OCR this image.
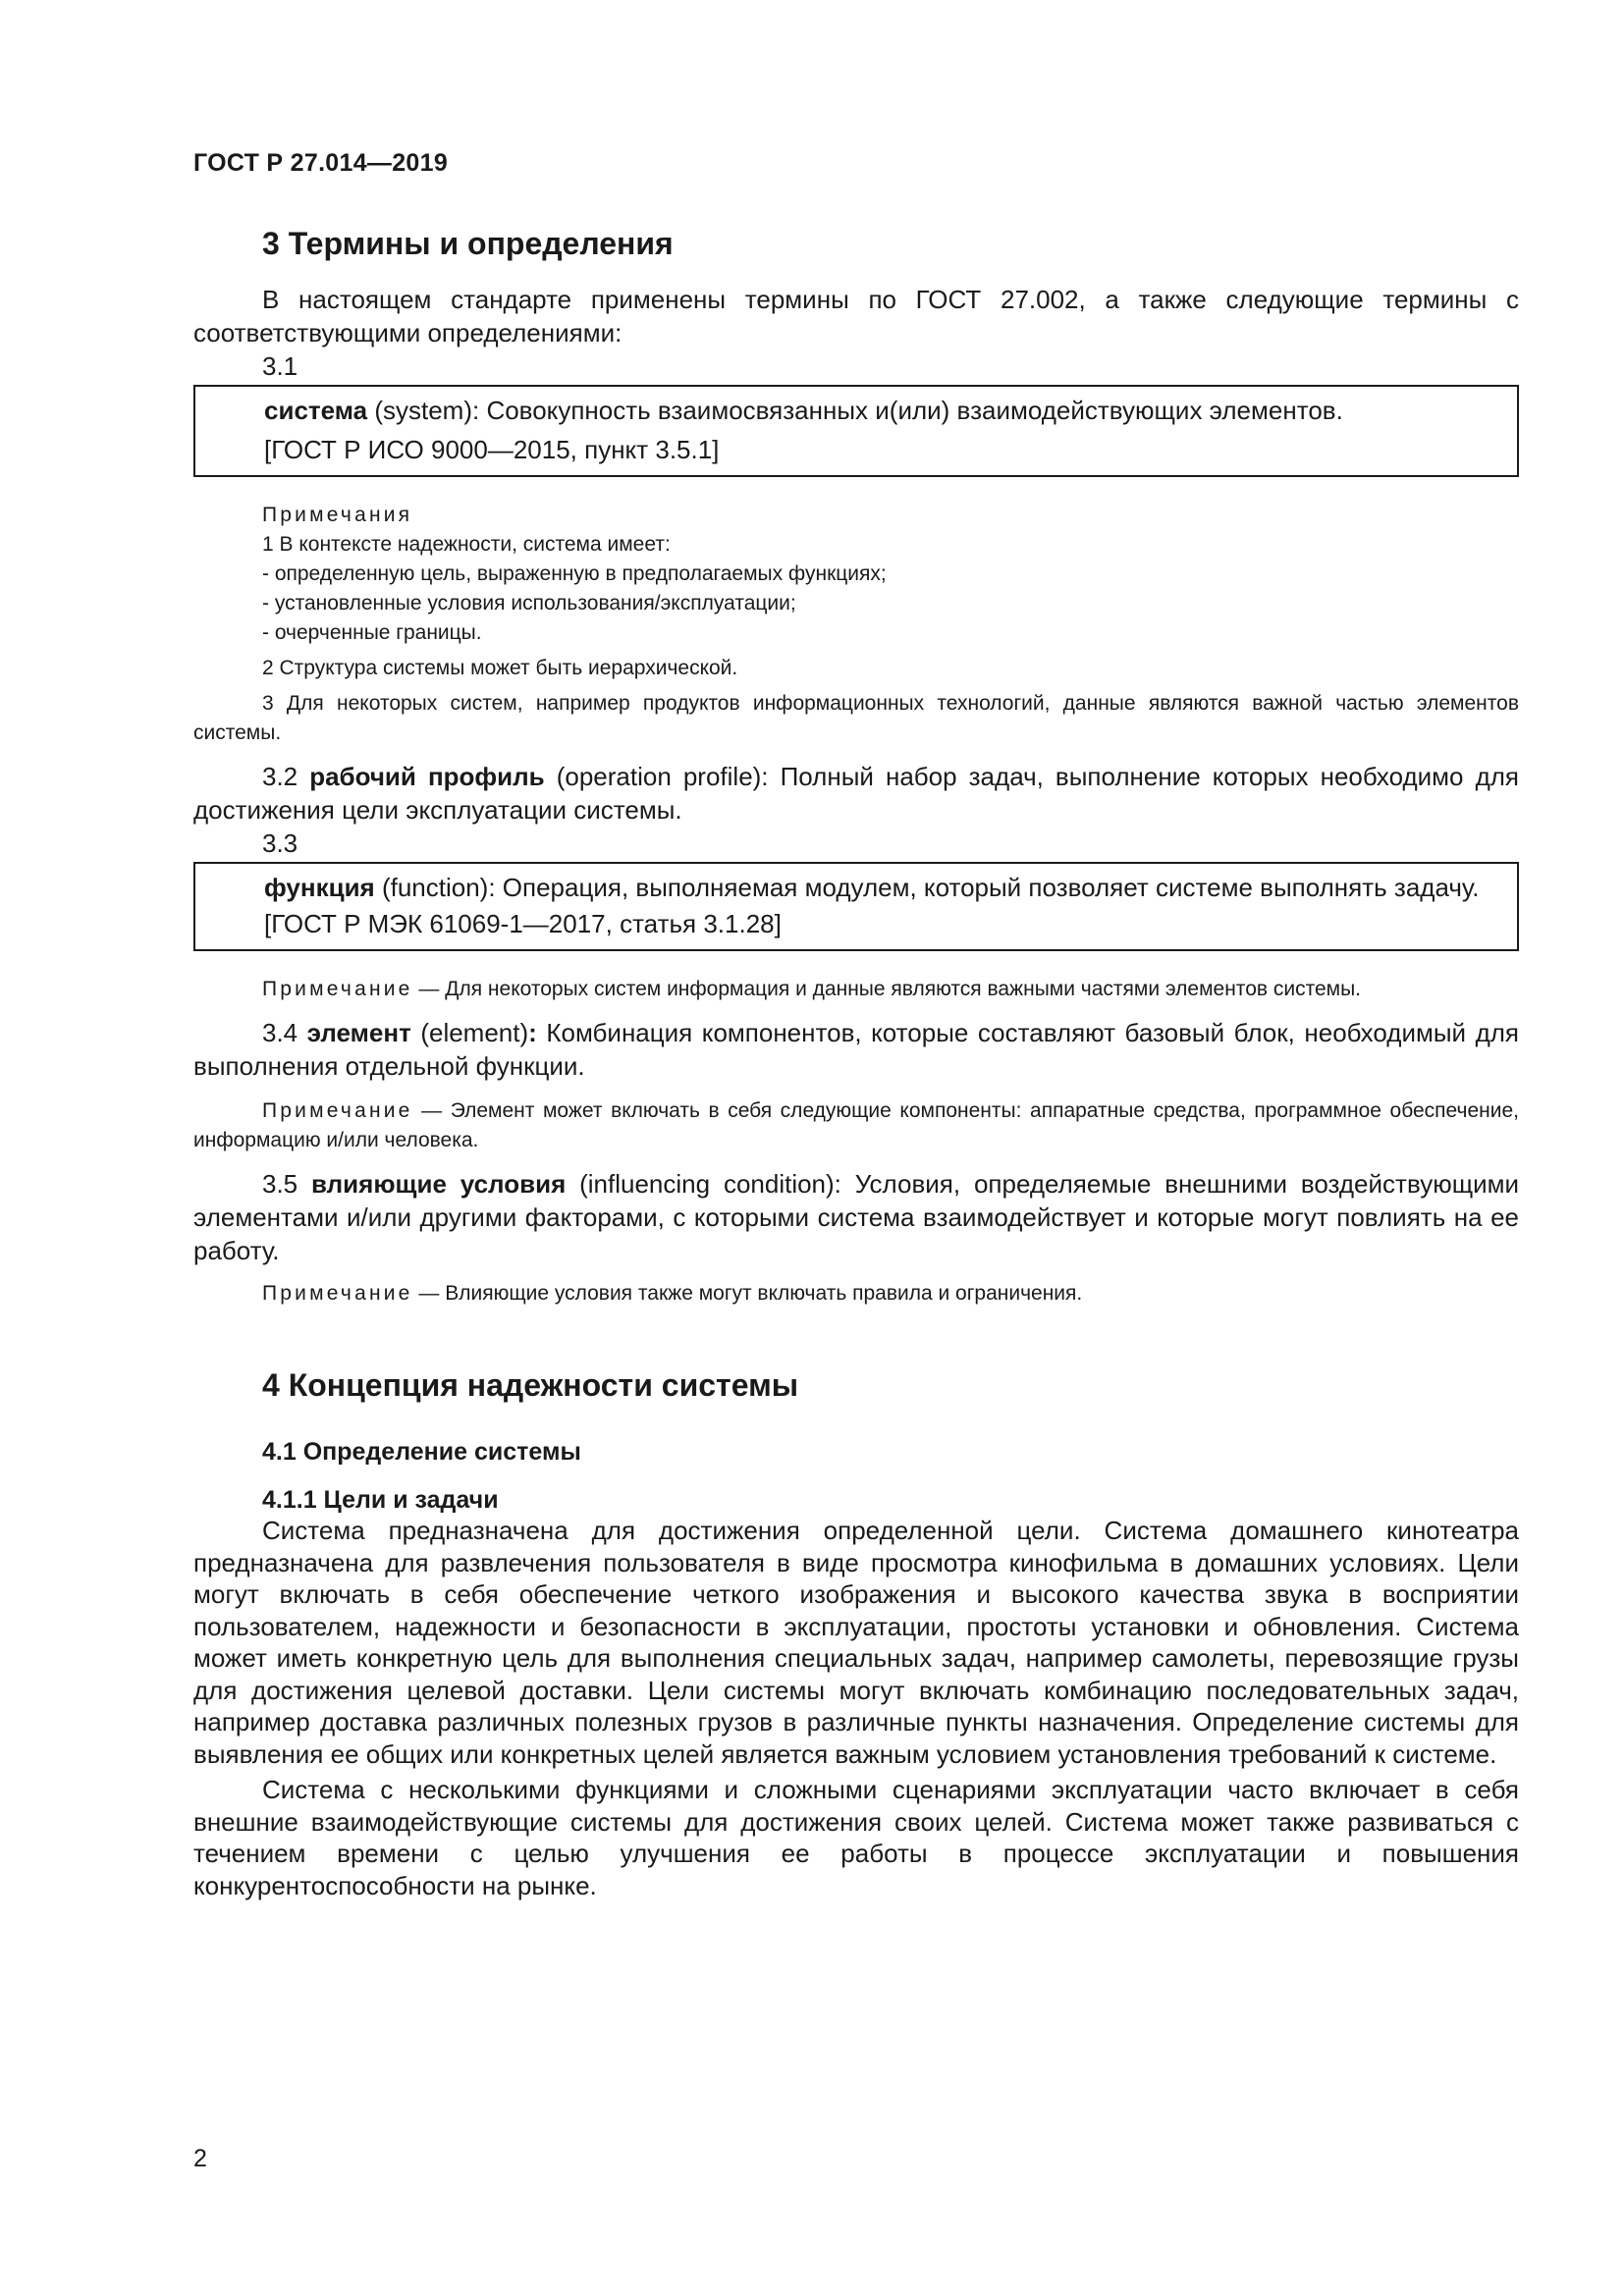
ГОСТ Р 27.014—2019
3 Термины и определения

В настоящем стандарте применены термины по ГОСТ 27.002, а также следующие термины с соответствующими определениями:

3.1

система (system): Совокупность взаимосвязанных и(или) взаимодействующих элементов.

[ГОСТ Р ИСО 9000—2015, пункт 3.5.1]

Примечания

1 В контексте надежности, система имеет:

- определенную цель, выраженную в предполагаемых функциях;

- установленные условия использования/эксплуатации;

- очерченные границы.

2 Структура системы может быть иерархической.

3 Для некоторых систем, например продуктов информационных технологий, данные являются важной частью элементов системы.

3.2 рабочий профиль (operation profile): Полный набор задач, выполнение которых необходимо для достижения цели эксплуатации системы.

3.3

функция (function): Операция, выполняемая модулем, который позволяет системе выполнять задачу.

[ГОСТ Р МЭК 61069-1—2017, статья 3.1.28]

Примечание — Для некоторых систем информация и данные являются важными частями элементов системы.

3.4 элемент (element): Комбинация компонентов, которые составляют базовый блок, необходимый для выполнения отдельной функции.

Примечание — Элемент может включать в себя следующие компоненты: аппаратные средства, программное обеспечение, информацию и/или человека.

3.5 влияющие условия (influencing condition): Условия, определяемые внешними воздействующими элементами и/или другими факторами, с которыми система взаимодействует и которые могут повлиять на ее работу.

Примечание — Влияющие условия также могут включать правила и ограничения.

4 Концепция надежности системы
4.1 Определение системы
4.1.1 Цели и задачи

Система предназначена для достижения определенной цели. Система домашнего кинотеатра предназначена для развлечения пользователя в виде просмотра кинофильма в домашних условиях. Цели могут включать в себя обеспечение четкого изображения и высокого качества звука в восприятии пользователем, надежности и безопасности в эксплуатации, простоты установки и обновления. Система может иметь конкретную цель для выполнения специальных задач, например самолеты, перевозящие грузы для достижения целевой доставки. Цели системы могут включать комбинацию последовательных задач, например доставка различных полезных грузов в различные пункты назначения. Определение системы для выявления ее общих или конкретных целей является важным условием установления требований к системе.

Система с несколькими функциями и сложными сценариями эксплуатации часто включает в себя внешние взаимодействующие системы для достижения своих целей. Система может также развиваться с течением времени с целью улучшения ее работы в процессе эксплуатации и повышения конкурентоспособности на рынке.

2
